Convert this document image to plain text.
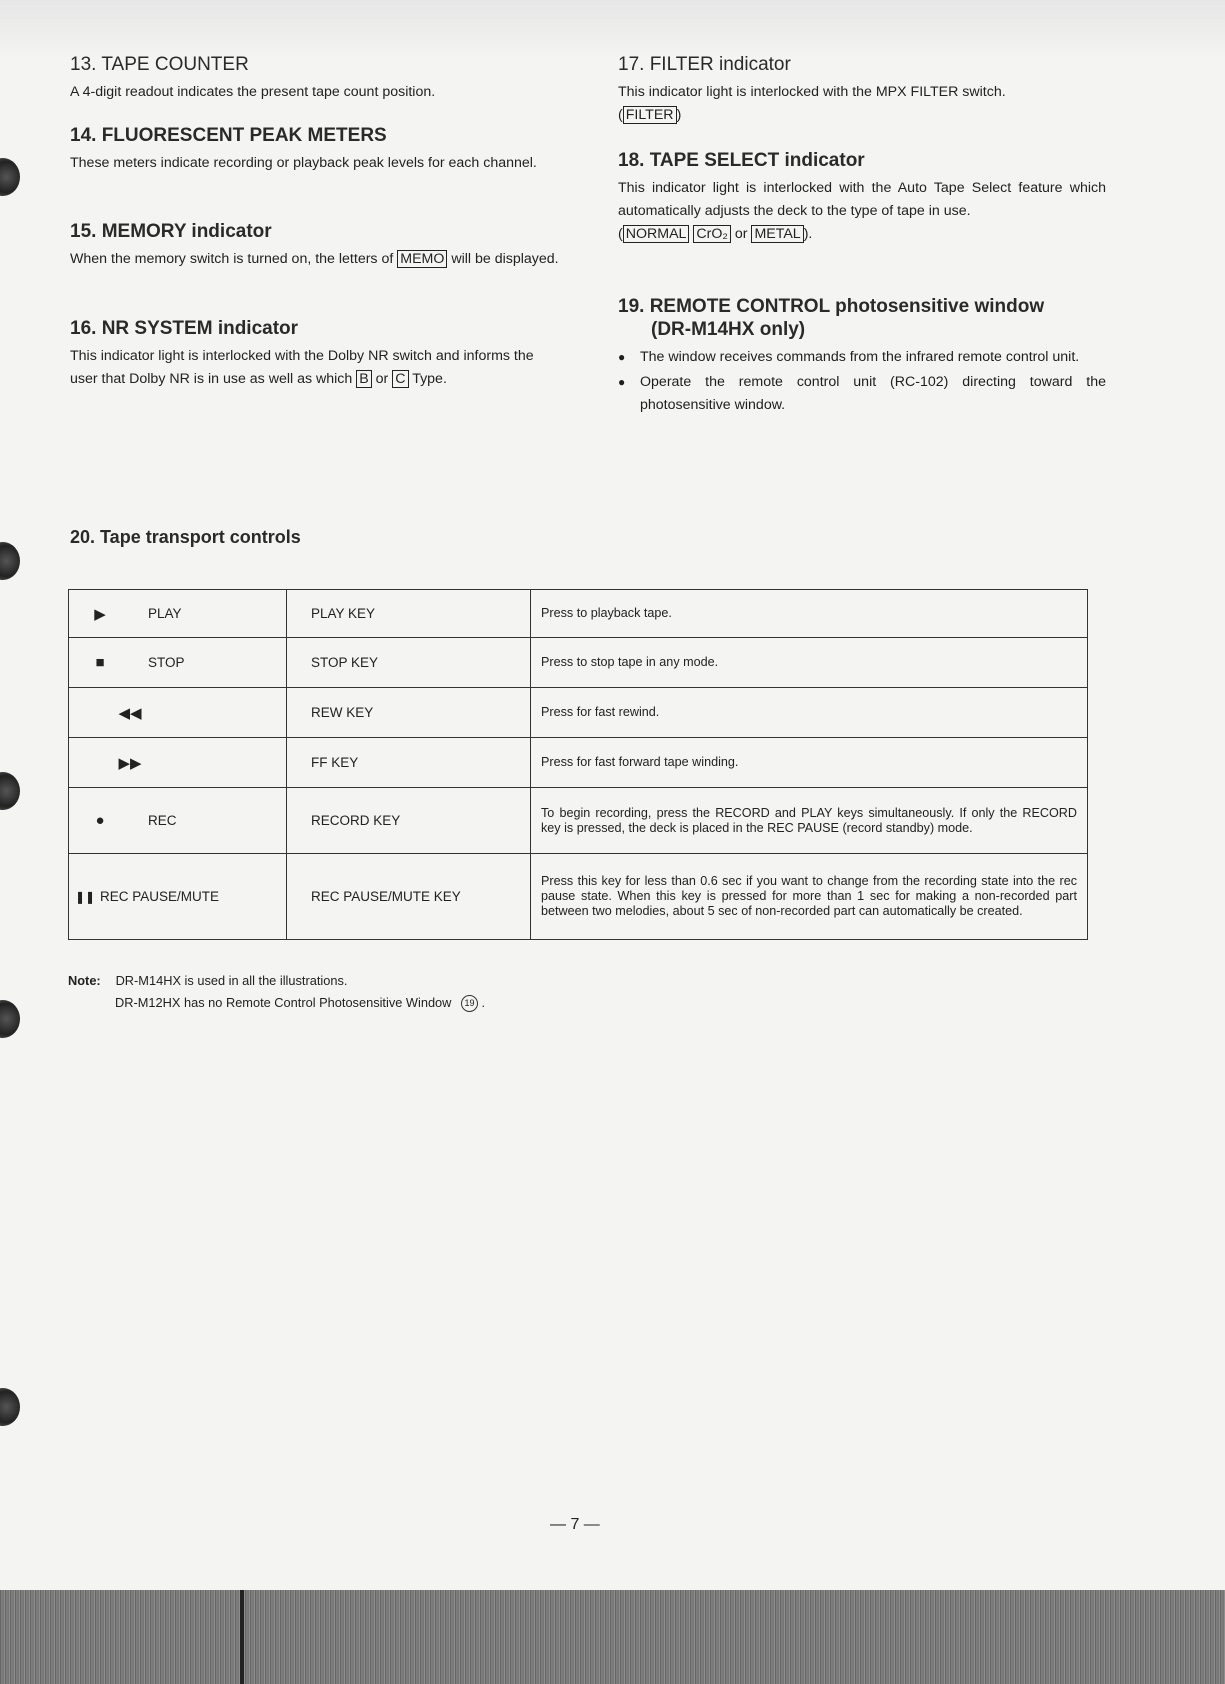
13. TAPE COUNTER

A 4-digit readout indicates the present tape count position.

14. FLUORESCENT PEAK METERS

These meters indicate recording or playback peak levels for each channel.

15. MEMORY indicator

When the memory switch is turned on, the letters of MEMO will be displayed.

16. NR SYSTEM indicator

This indicator light is interlocked with the Dolby NR switch and informs the user that Dolby NR is in use as well as which B or C Type.

17. FILTER indicator

This indicator light is interlocked with the MPX FILTER switch.
( FILTER )

18. TAPE SELECT indicator

This indicator light is interlocked with the Auto Tape Select feature which automatically adjusts the deck to the type of tape in use.
( NORMAL CrO₂ or METAL ).

19. REMOTE CONTROL photosensitive window
(DR-M14HX only)
● The window receives commands from the infrared remote control unit.
● Operate the remote control unit (RC-102) directing toward the photosensitive window.
20. Tape transport controls
▶ PLAY	PLAY KEY	Press to playback tape.

■ STOP	STOP KEY	Press to stop tape in any mode.

◀◀	REW KEY	Press for fast rewind.

▶▶	FF KEY	Press for fast forward tape winding.

● REC	RECORD KEY	To begin recording, press the RECORD and PLAY keys simultaneously. If only the RECORD key is pressed, the deck is placed in the REC PAUSE (record standby) mode.

❚❚ REC PAUSE/MUTE	REC PAUSE/MUTE KEY	Press this key for less than 0.6 sec if you want to change from the recording state into the rec pause state. When this key is pressed for more than 1 sec for making a non-recorded part between two melodies, about 5 sec of non-recorded part can automatically be created.
Note: DR-M14HX is used in all the illustrations.
DR-M12HX has no Remote Control Photosensitive Window 19 .
— 7 —
